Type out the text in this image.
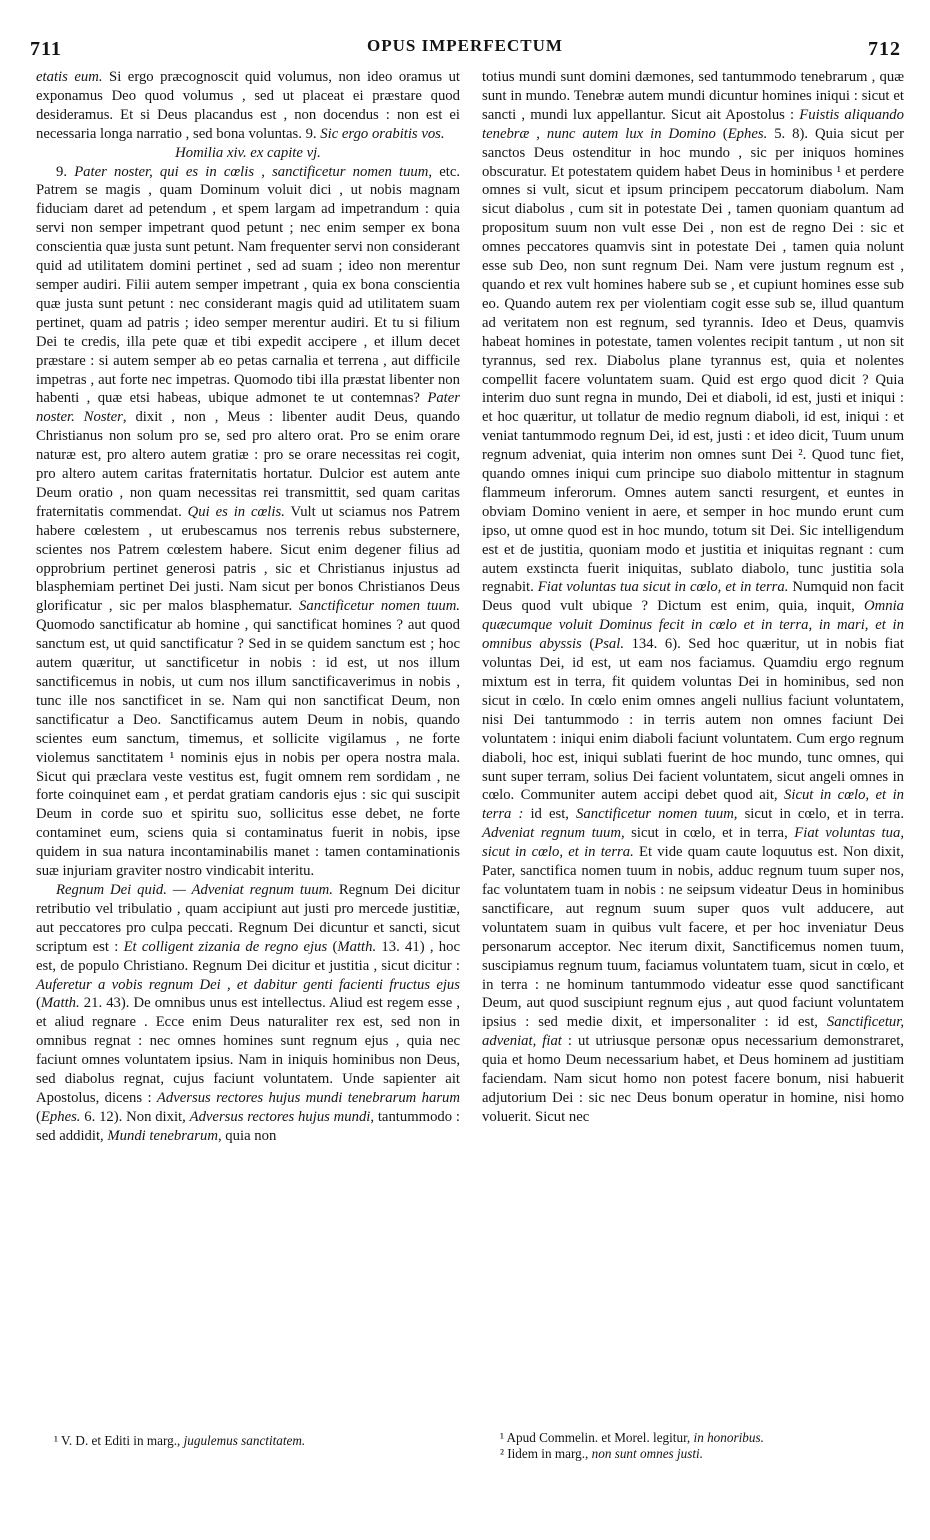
711	OPUS IMPERFECTUM	712

etatis eum. Si ergo præcognoscit quid volumus, non ideo oramus ut exponamus Deo quod volumus , sed ut placeat ei præstare quod desideramus. Et si Deus placandus est , non docendus : non est ei necessaria longa narratio , sed bona voluntas. 9. Sic ergo orabitis vos.

Homilia xiv. ex capite vj.

9. Pater noster, qui es in cœlis , sanctificetur nomen tuum, etc. Patrem se magis , quam Dominum voluit dici , ut nobis magnam fiduciam daret ad petendum , et spem largam ad impetrandum : quia servi non semper impetrant quod petunt ; nec enim semper ex bona conscientia quæ justa sunt petunt. Nam frequenter servi non considerant quid ad utilitatem domini pertinet , sed ad suam ; ideo non merentur semper audiri. Filii autem semper impetrant , quia ex bona conscientia quæ justa sunt petunt : nec considerant magis quid ad utilitatem suam pertinet, quam ad patris ; ideo semper merentur audiri. Et tu si filium Dei te credis, illa pete quæ et tibi expedit accipere , et illum decet præstare : si autem semper ab eo petas carnalia et terrena , aut difficile impetras , aut forte nec impetras. Quomodo tibi illa præstat libenter non habenti , quæ etsi habeas, ubique admonet te ut contemnas? Pater noster. Noster, dixit , non , Meus : libenter audit Deus, quando Christianus non solum pro se, sed pro altero orat. Pro se enim orare naturæ est, pro altero autem gratiæ : pro se orare necessitas rei cogit, pro altero autem caritas fraternitatis hortatur. Dulcior est autem ante Deum oratio , non quam necessitas rei transmittit, sed quam caritas fraternitatis commendat. Qui es in cœlis. Vult ut sciamus nos Patrem habere cœlestem , ut erubescamus nos terrenis rebus substernere, scientes nos Patrem cœlestem habere. Sicut enim degener filius ad opprobrium pertinet generosi patris , sic et Christianus injustus ad blasphemiam pertinet Dei justi. Nam sicut per bonos Christianos Deus glorificatur , sic per malos blasphematur. Sanctificetur nomen tuum. Quomodo sanctificatur ab homine , qui sanctificat homines ? aut quod sanctum est, ut quid sanctificatur ? Sed in se quidem sanctum est ; hoc autem quæritur, ut sanctificetur in nobis : id est, ut nos illum sanctificemus in nobis, ut cum nos illum sanctificaverimus in nobis , tunc ille nos sanctificet in se. Nam qui non sanctificat Deum, non sanctificatur a Deo. Sanctificamus autem Deum in nobis, quando scientes eum sanctum, timemus, et sollicite vigilamus , ne forte violemus sanctitatem ¹ nominis ejus in nobis per opera nostra mala. Sicut qui præclara veste vestitus est, fugit omnem rem sordidam , ne forte coinquinet eam , et perdat gratiam candoris ejus : sic qui suscipit Deum in corde suo et spiritu suo, sollicitus esse debet, ne forte contaminet eum, sciens quia si contaminatus fuerit in nobis, ipse quidem in sua natura incontaminabilis manet : tamen contaminationis suæ injuriam graviter nostro vindicabit interitu.

Regnum Dei quid. — Adveniat regnum tuum. Regnum Dei dicitur retributio vel tribulatio , quam accipiunt aut justi pro mercede justitiæ, aut peccatores pro culpa peccati. Regnum Dei dicuntur et sancti, sicut scriptum est : Et colligent zizania de regno ejus (Matth. 13. 41) , hoc est, de populo Christiano. Regnum Dei dicitur et justitia , sicut dicitur : Auferetur a vobis regnum Dei , et dabitur genti facienti fructus ejus (Matth. 21. 43). De omnibus unus est intellectus. Aliud est regem esse , et aliud regnare . Ecce enim Deus naturaliter rex est, sed non in omnibus regnat : nec omnes homines sunt regnum ejus , quia nec faciunt omnes voluntatem ipsius. Nam in iniquis hominibus non Deus, sed diabolus regnat, cujus faciunt voluntatem. Unde sapienter ait Apostolus, dicens : Adversus rectores hujus mundi tenebrarum harum (Ephes. 6. 12). Non dixit, Adversus rectores hujus mundi, tantummodo : sed addidit, Mundi tenebrarum, quia non

totius mundi sunt domini dæmones, sed tantummodo tenebrarum , quæ sunt in mundo. Tenebræ autem mundi dicuntur homines iniqui : sicut et sancti , mundi lux appellantur. Sicut ait Apostolus : Fuistis aliquando tenebræ , nunc autem lux in Domino (Ephes. 5. 8). Quia sicut per sanctos Deus ostenditur in hoc mundo , sic per iniquos homines obscuratur. Et potestatem quidem habet Deus in hominibus ¹ et perdere omnes si vult, sicut et ipsum principem peccatorum diabolum. Nam sicut diabolus , cum sit in potestate Dei , tamen quoniam quantum ad propositum suum non vult esse Dei , non est de regno Dei : sic et omnes peccatores quamvis sint in potestate Dei , tamen quia nolunt esse sub Deo, non sunt regnum Dei. Nam vere justum regnum est , quando et rex vult homines habere sub se , et cupiunt homines esse sub eo. Quando autem rex per violentiam cogit esse sub se, illud quantum ad veritatem non est regnum, sed tyrannis. Ideo et Deus, quamvis habeat homines in potestate, tamen volentes recipit tantum , ut non sit tyrannus, sed rex. Diabolus plane tyrannus est, quia et nolentes compellit facere voluntatem suam. Quid est ergo quod dicit ? Quia interim duo sunt regna in mundo, Dei et diaboli, id est, justi et iniqui : et hoc quæritur, ut tollatur de medio regnum diaboli, id est, iniqui : et veniat tantummodo regnum Dei, id est, justi : et ideo dicit, Tuum unum regnum adveniat, quia interim non omnes sunt Dei ². Quod tunc fiet, quando omnes iniqui cum principe suo diabolo mittentur in stagnum flammeum inferorum. Omnes autem sancti resurgent, et euntes in obviam Domino venient in aere, et semper in hoc mundo erunt cum ipso, ut omne quod est in hoc mundo, totum sit Dei. Sic intelligendum est et de justitia, quoniam modo et justitia et iniquitas regnant : cum autem exstincta fuerit iniquitas, sublato diabolo, tunc justitia sola regnabit. Fiat voluntas tua sicut in cœlo, et in terra. Numquid non facit Deus quod vult ubique ? Dictum est enim, quia, inquit, Omnia quæcumque voluit Dominus fecit in cœlo et in terra, in mari, et in omnibus abyssis (Psal. 134. 6). Sed hoc quæritur, ut in nobis fiat voluntas Dei, id est, ut eam nos faciamus. Quamdiu ergo regnum mixtum est in terra, fit quidem voluntas Dei in hominibus, sed non sicut in cœlo. In cœlo enim omnes angeli nullius faciunt voluntatem, nisi Dei tantummodo : in terris autem non omnes faciunt Dei voluntatem : iniqui enim diaboli faciunt voluntatem. Cum ergo regnum diaboli, hoc est, iniqui sublati fuerint de hoc mundo, tunc omnes, qui sunt super terram, solius Dei facient voluntatem, sicut angeli omnes in cœlo. Communiter autem accipi debet quod ait, Sicut in cœlo, et in terra : id est, Sanctificetur nomen tuum, sicut in cœlo, et in terra. Adveniat regnum tuum, sicut in cœlo, et in terra, Fiat voluntas tua, sicut in cœlo, et in terra. Et vide quam caute loquutus est. Non dixit, Pater, sanctifica nomen tuum in nobis, adduc regnum tuum super nos, fac voluntatem tuam in nobis : ne seipsum videatur Deus in hominibus sanctificare, aut regnum suum super quos vult adducere, aut voluntatem suam in quibus vult facere, et per hoc inveniatur Deus personarum acceptor. Nec iterum dixit, Sanctificemus nomen tuum, suscipiamus regnum tuum, faciamus voluntatem tuam, sicut in cœlo, et in terra : ne hominum tantummodo videatur esse quod sanctificant Deum, aut quod suscipiunt regnum ejus , aut quod faciunt voluntatem ipsius : sed medie dixit, et impersonaliter : id est, Sanctificetur, adveniat, fiat : ut utriusque personæ opus necessarium demonstraret, quia et homo Deum necessarium habet, et Deus hominem ad justitiam faciendam. Nam sicut homo non potest facere bonum, nisi habuerit adjutorium Dei : sic nec Deus bonum operatur in homine, nisi homo voluerit. Sicut nec

¹ V. D. et Editi in marg., jugulemus sanctitatem.	¹ Apud Commelin. et Morel. legitur, in honoribus.

² Iidem in marg., non sunt omnes justi.
